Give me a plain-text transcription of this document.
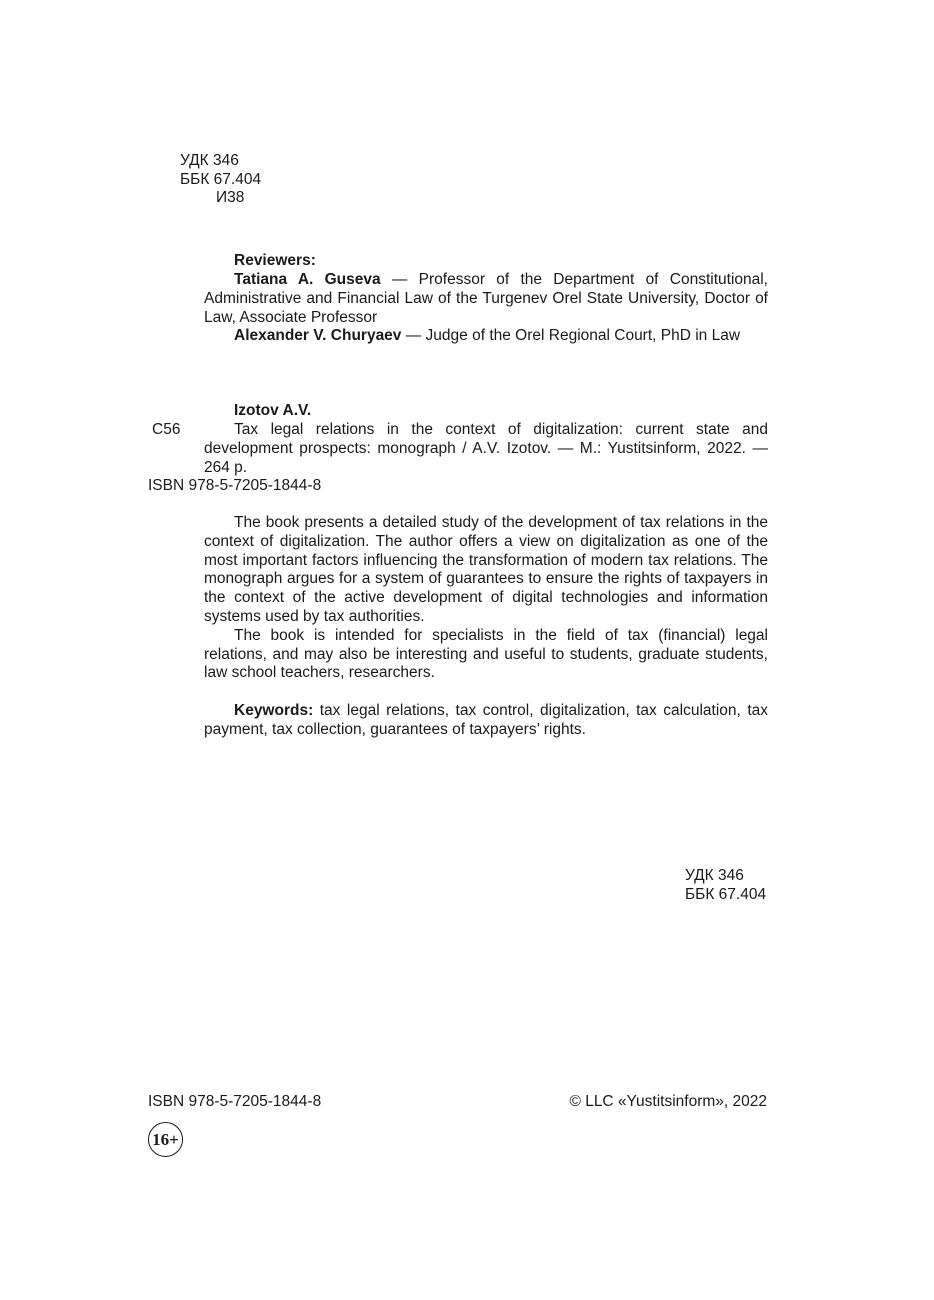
УДК 346
ББК 67.404
И38
Reviewers:
Tatiana A. Guseva — Professor of the Department of Constitutional, Administrative and Financial Law of the Turgenev Orel State University, Doctor of Law, Associate Professor
Alexander V. Churyaev — Judge of the Orel Regional Court, PhD in Law
Izotov A.V.
C56	Tax legal relations in the context of digitalization: current state and development prospects: monograph / A.V. Izotov. — M.: Yustitsinform, 2022. — 264 p.
ISBN 978-5-7205-1844-8

The book presents a detailed study of the development of tax relations in the context of digitalization. The author offers a view on digitalization as one of the most important factors influencing the transformation of modern tax relations. The monograph argues for a system of guarantees to ensure the rights of taxpayers in the context of the active development of digital technologies and information systems used by tax authorities.

The book is intended for specialists in the field of tax (financial) legal relations, and may also be interesting and useful to students, graduate students, law school teachers, researchers.

Keywords: tax legal relations, tax control, digitalization, tax calculation, tax payment, tax collection, guarantees of taxpayers’ rights.
УДК 346
ББК 67.404
ISBN 978-5-7205-1844-8	© LLC «Yustitsinform», 2022
16+
